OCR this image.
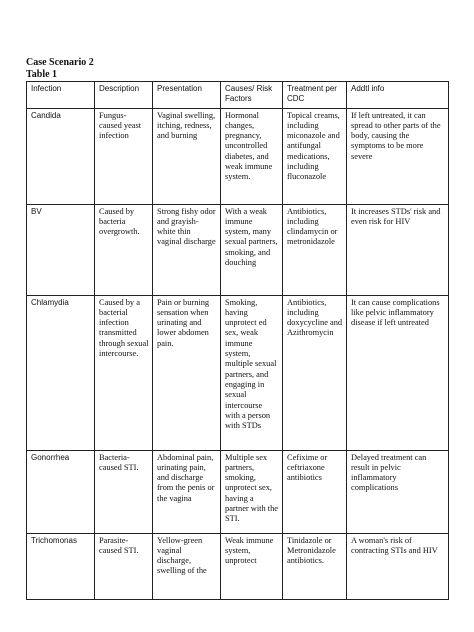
Case Scenario 2
Table 1
Infection	Description	Presentation	Causes/ Risk Factors	Treatment per CDC	Addtl info
Candida	Fungus-caused yeast infection	Vaginal swelling, itching, redness, and burning	Hormonal changes, pregnancy, uncontrolled diabetes, and weak immune system.	Topical creams, including miconazole and antifungal medications, including fluconazole	If left untreated, it can spread to other parts of the body, causing the symptoms to be more severe
BV	Caused by bacteria overgrowth.	Strong fishy odor and grayish-white thin vaginal discharge	With a weak immune system, many sexual partners, smoking, and douching	Antibiotics, including clindamycin or metronidazole	It increases STDs' risk and even risk for HIV
Chlamydia	Caused by a bacterial infection transmitted through sexual intercourse.	Pain or burning sensation when urinating and lower abdomen pain.	Smoking, having unprotect ed sex, weak immune system, multiple sexual partners, and engaging in sexual intercourse with a person with STDs	Antibiotics, including doxycycline and Azithromycin	It can cause complications like pelvic inflammatory disease if left untreated
Gonorrhea	Bacteria-caused STI.	Abdominal pain, urinating pain, and discharge from the penis or the vagina	Multiple sex partners, smoking, unprotect sex, having a partner with the STI.	Cefixime or ceftriaxone antibiotics	Delayed treatment can result in pelvic inflammatory complications
Trichomonas	Parasite-caused STI.	Yellow-green vaginal discharge, swelling of the	Weak immune system, unprotect	Tinidazole or Metronidazole antibiotics.	A woman's risk of contracting STIs and HIV
